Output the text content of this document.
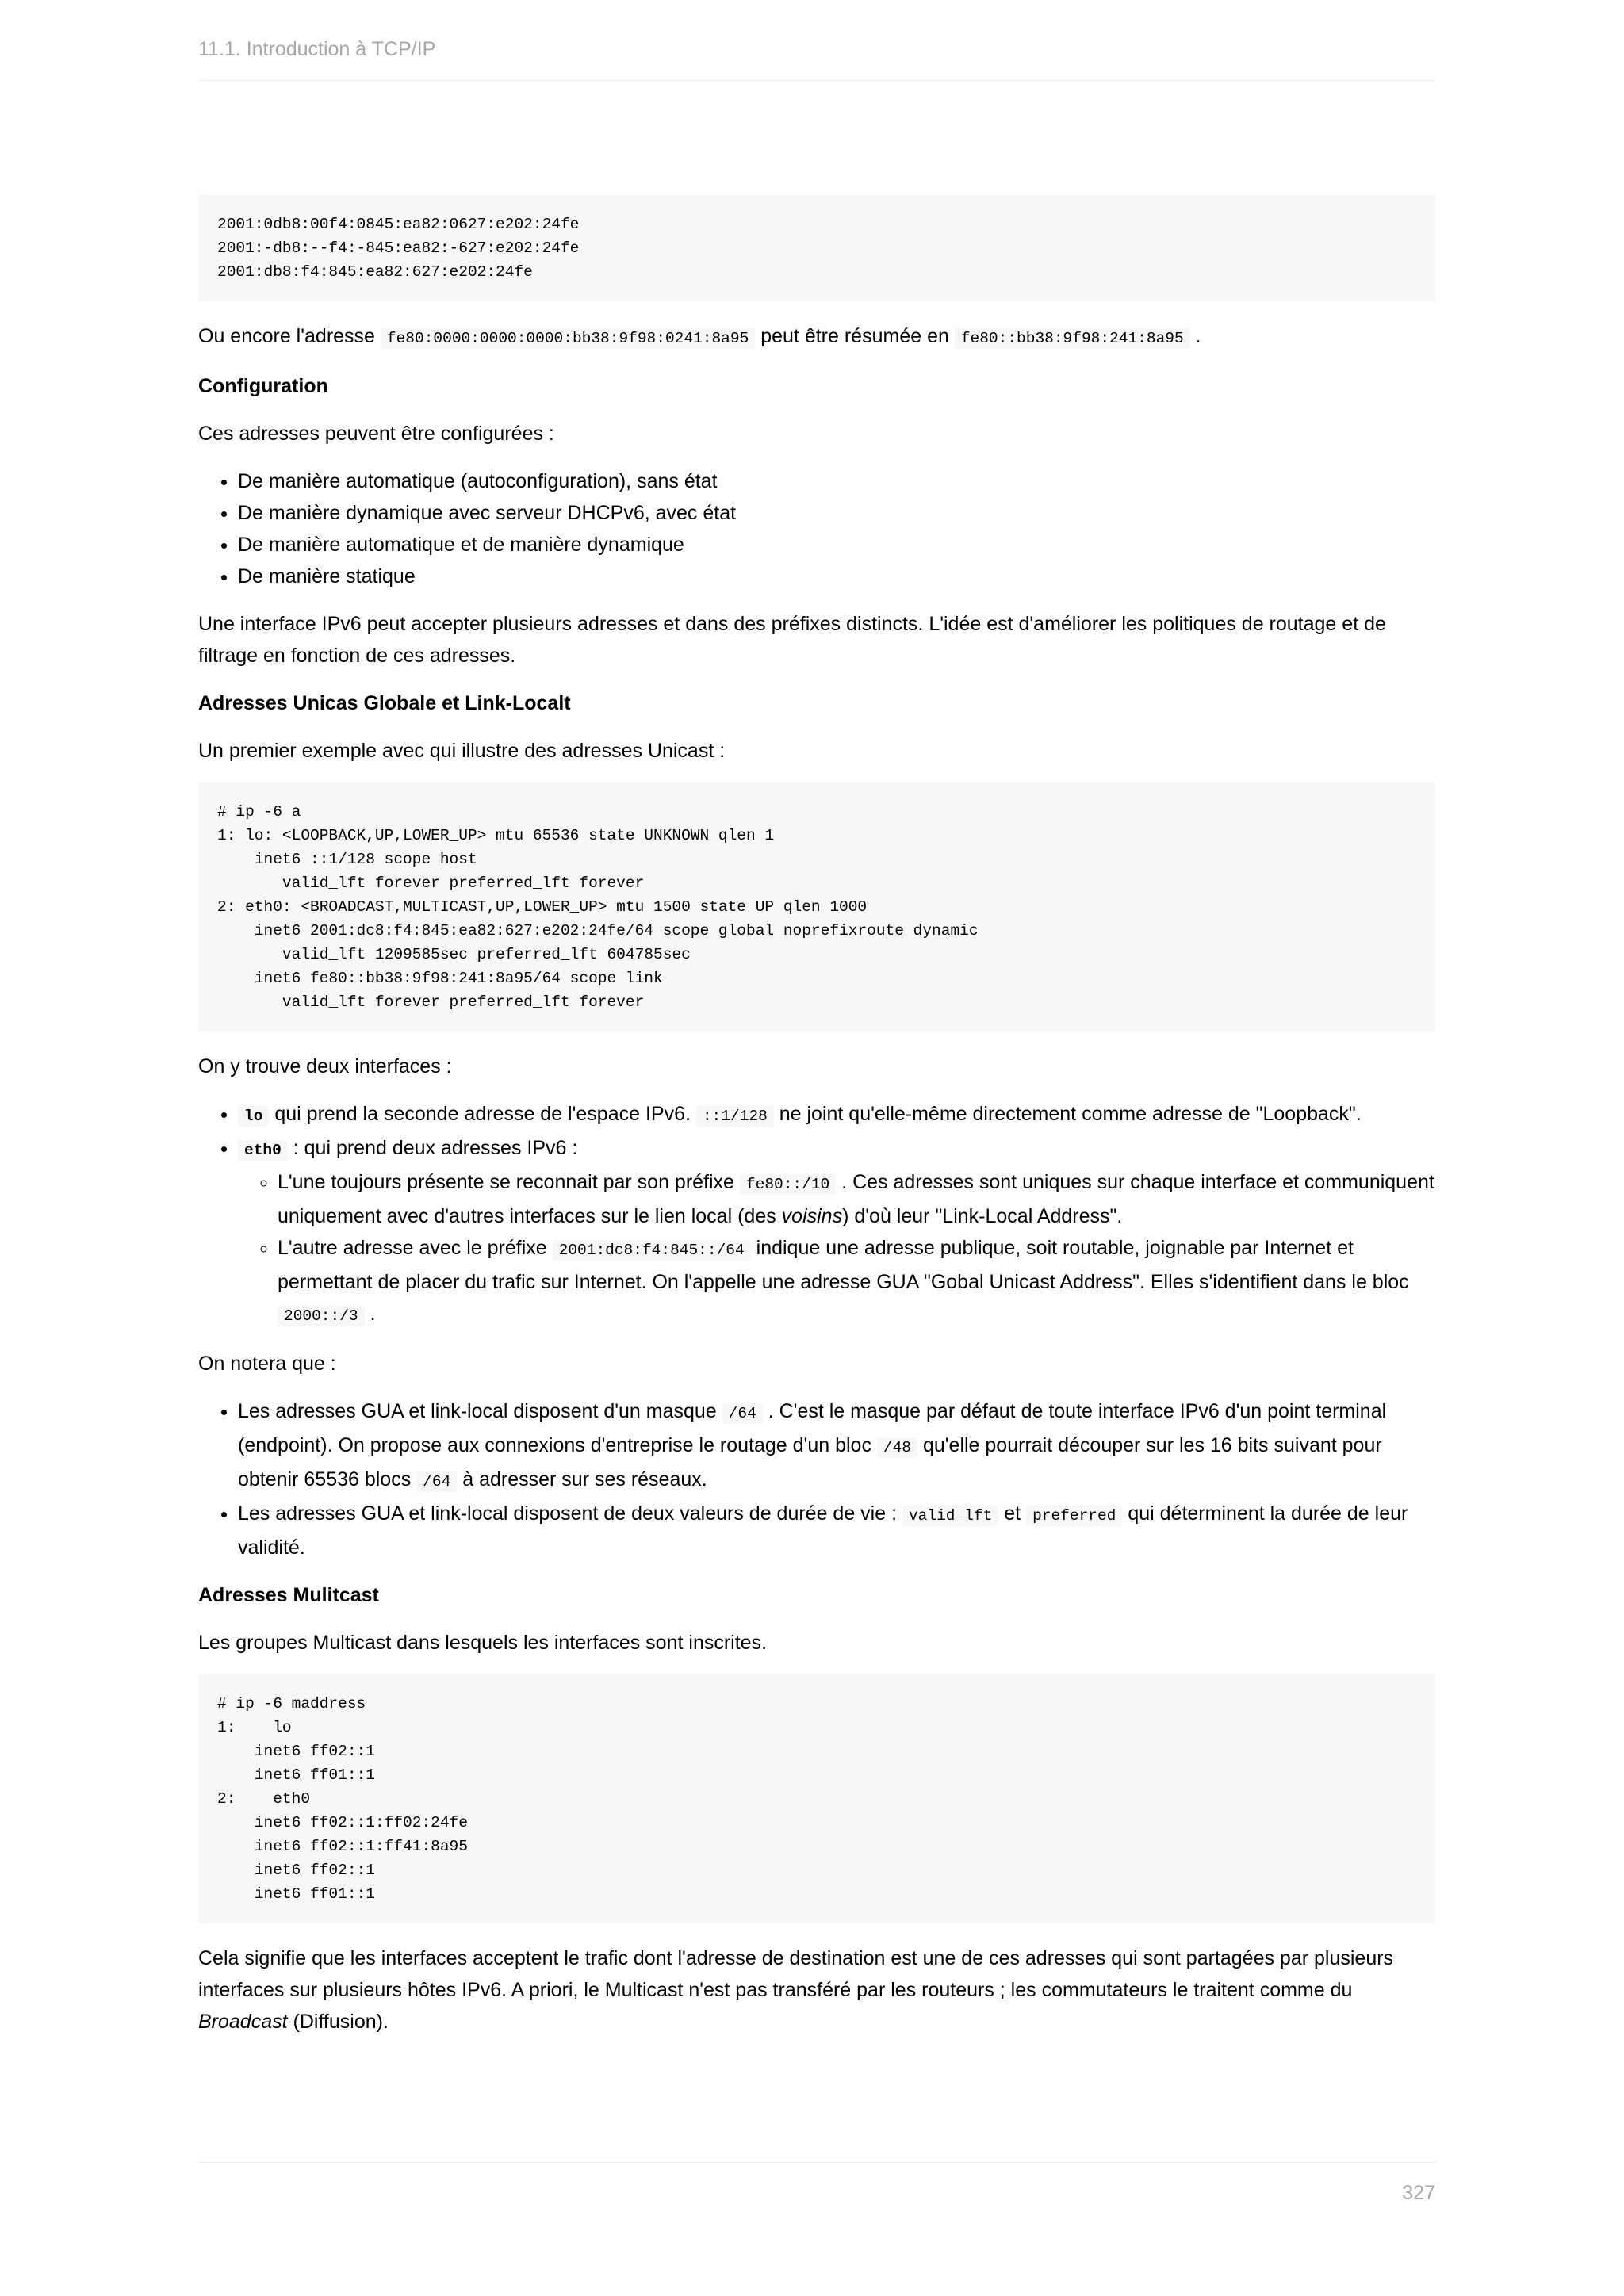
11.1. Introduction à TCP/IP
2001:0db8:00f4:0845:ea82:0627:e202:24fe
2001:-db8:--f4:-845:ea82:-627:e202:24fe
2001:db8:f4:845:ea82:627:e202:24fe

Ou encore l'adresse fe80:0000:0000:0000:bb38:9f98:0241:8a95 peut être résumée en fe80::bb38:9f98:241:8a95 .

Configuration

Ces adresses peuvent être configurées :

• De manière automatique (autoconfiguration), sans état
• De manière dynamique avec serveur DHCPv6, avec état
• De manière automatique et de manière dynamique
• De manière statique

Une interface IPv6 peut accepter plusieurs adresses et dans des préfixes distincts. L'idée est d'améliorer les politiques de routage et de filtrage en fonction de ces adresses.

Adresses Unicas Globale et Link-Localt

Un premier exemple avec qui illustre des adresses Unicast :

# ip -6 a
1: lo: <LOOPBACK,UP,LOWER_UP> mtu 65536 state UNKNOWN qlen 1
inet6 ::1/128 scope host
valid_lft forever preferred_lft forever
2: eth0: <BROADCAST,MULTICAST,UP,LOWER_UP> mtu 1500 state UP qlen 1000
inet6 2001:dc8:f4:845:ea82:627:e202:24fe/64 scope global noprefixroute dynamic
valid_lft 1209585sec preferred_lft 604785sec
inet6 fe80::bb38:9f98:241:8a95/64 scope link
valid_lft forever preferred_lft forever

On y trouve deux interfaces :

• lo qui prend la seconde adresse de l'espace IPv6. ::1/128 ne joint qu'elle-même directement comme adresse de "Loopback".
• eth0 : qui prend deux adresses IPv6 :
◦ L'une toujours présente se reconnait par son préfixe fe80::/10 . Ces adresses sont uniques sur chaque interface et communiquent uniquement avec d'autres interfaces sur le lien local (des voisins) d'où leur "Link-Local Address".
◦ L'autre adresse avec le préfixe 2001:dc8:f4:845::/64 indique une adresse publique, soit routable, joignable par Internet et permettant de placer du trafic sur Internet. On l'appelle une adresse GUA "Gobal Unicast Address". Elles s'identifient dans le bloc 2000::/3 .

On notera que :

• Les adresses GUA et link-local disposent d'un masque /64 . C'est le masque par défaut de toute interface IPv6 d'un point terminal (endpoint). On propose aux connexions d'entreprise le routage d'un bloc /48 qu'elle pourrait découper sur les 16 bits suivant pour obtenir 65536 blocs /64 à adresser sur ses réseaux.
• Les adresses GUA et link-local disposent de deux valeurs de durée de vie : valid_lft et preferred qui déterminent la durée de leur validité.

Adresses Mulitcast

Les groupes Multicast dans lesquels les interfaces sont inscrites.

# ip -6 maddress
1:    lo
inet6 ff02::1
inet6 ff01::1
2:    eth0
inet6 ff02::1:ff02:24fe
inet6 ff02::1:ff41:8a95
inet6 ff02::1
inet6 ff01::1

Cela signifie que les interfaces acceptent le trafic dont l'adresse de destination est une de ces adresses qui sont partagées par plusieurs interfaces sur plusieurs hôtes IPv6. A priori, le Multicast n'est pas transféré par les routeurs ; les commutateurs le traitent comme du Broadcast (Diffusion).

327
